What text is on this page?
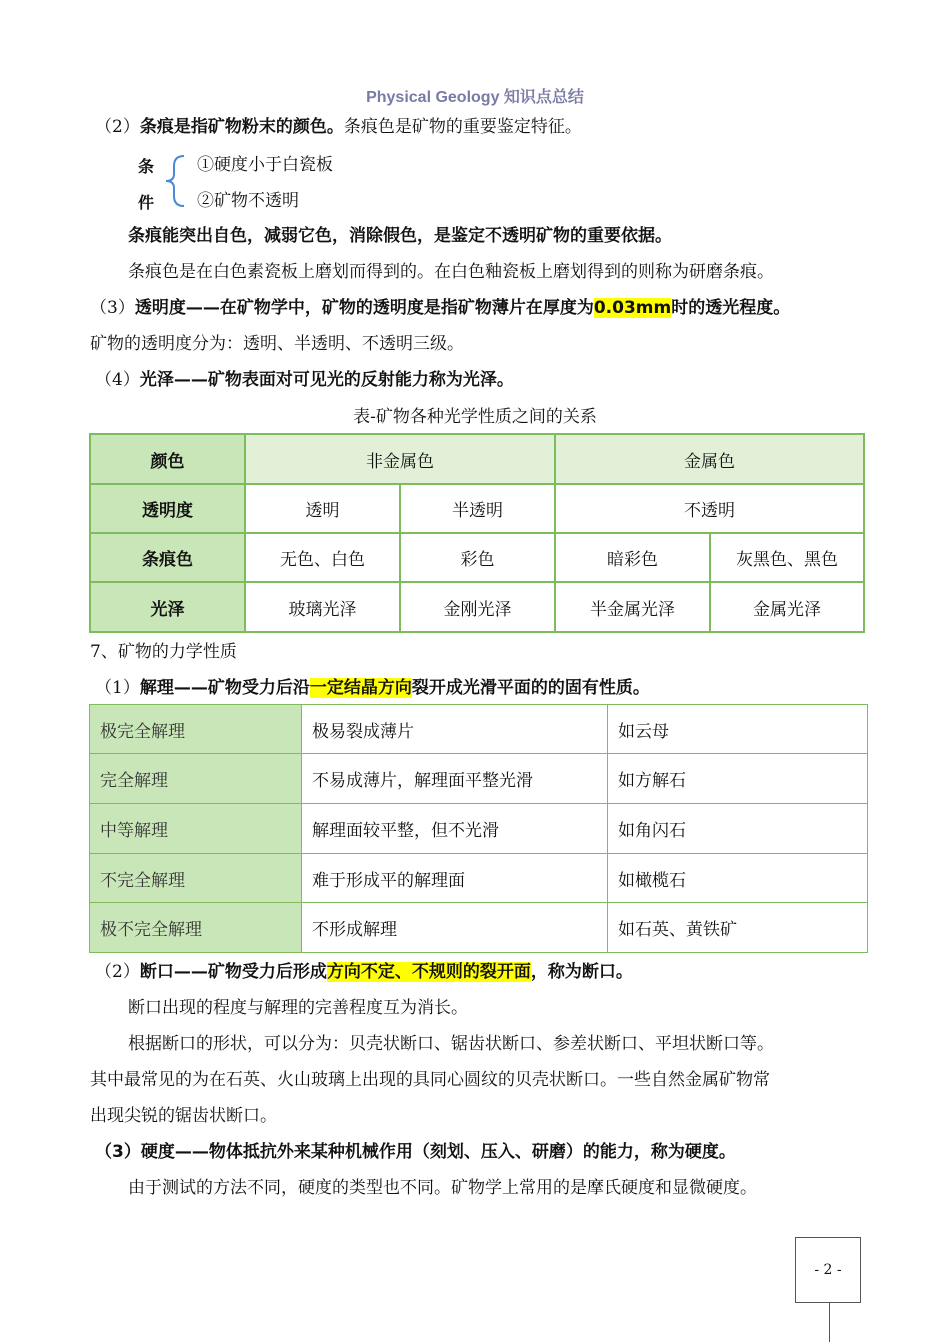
Physical Geology 知识点总结
（2）条痕是指矿物粉末的颜色。条痕色是矿物的重要鉴定特征。
条
件
①硬度小于白瓷板
②矿物不透明
条痕能突出自色，减弱它色，消除假色，是鉴定不透明矿物的重要依据。
条痕色是在白色素瓷板上磨划而得到的。在白色釉瓷板上磨划得到的则称为研磨条痕。
（3）透明度——在矿物学中，矿物的透明度是指矿物薄片在厚度为0.03mm时的透光程度。
矿物的透明度分为：透明、半透明、不透明三级。
（4）光泽——矿物表面对可见光的反射能力称为光泽。
表-矿物各种光学性质之间的关系
颜色	非金属色		金属色	
透明度	透明	半透明	不透明	
条痕色	无色、白色	彩色	暗彩色	灰黑色、黑色
光泽	玻璃光泽	金刚光泽	半金属光泽	金属光泽
7、矿物的力学性质
（1）解理——矿物受力后沿一定结晶方向裂开成光滑平面的的固有性质。
极完全解理	极易裂成薄片	如云母
完全解理	不易成薄片，解理面平整光滑	如方解石
中等解理	解理面较平整，但不光滑	如角闪石
不完全解理	难于形成平的解理面	如橄榄石
极不完全解理	不形成解理	如石英、黄铁矿
（2）断口——矿物受力后形成方向不定、不规则的裂开面，称为断口。
断口出现的程度与解理的完善程度互为消长。
根据断口的形状，可以分为：贝壳状断口、锯齿状断口、参差状断口、平坦状断口等。
其中最常见的为在石英、火山玻璃上出现的具同心圆纹的贝壳状断口。一些自然金属矿物常
出现尖锐的锯齿状断口。
（3）硬度——物体抵抗外来某种机械作用（刻划、压入、研磨）的能力，称为硬度。
由于测试的方法不同，硬度的类型也不同。矿物学上常用的是摩氏硬度和显微硬度。
- 2 -
